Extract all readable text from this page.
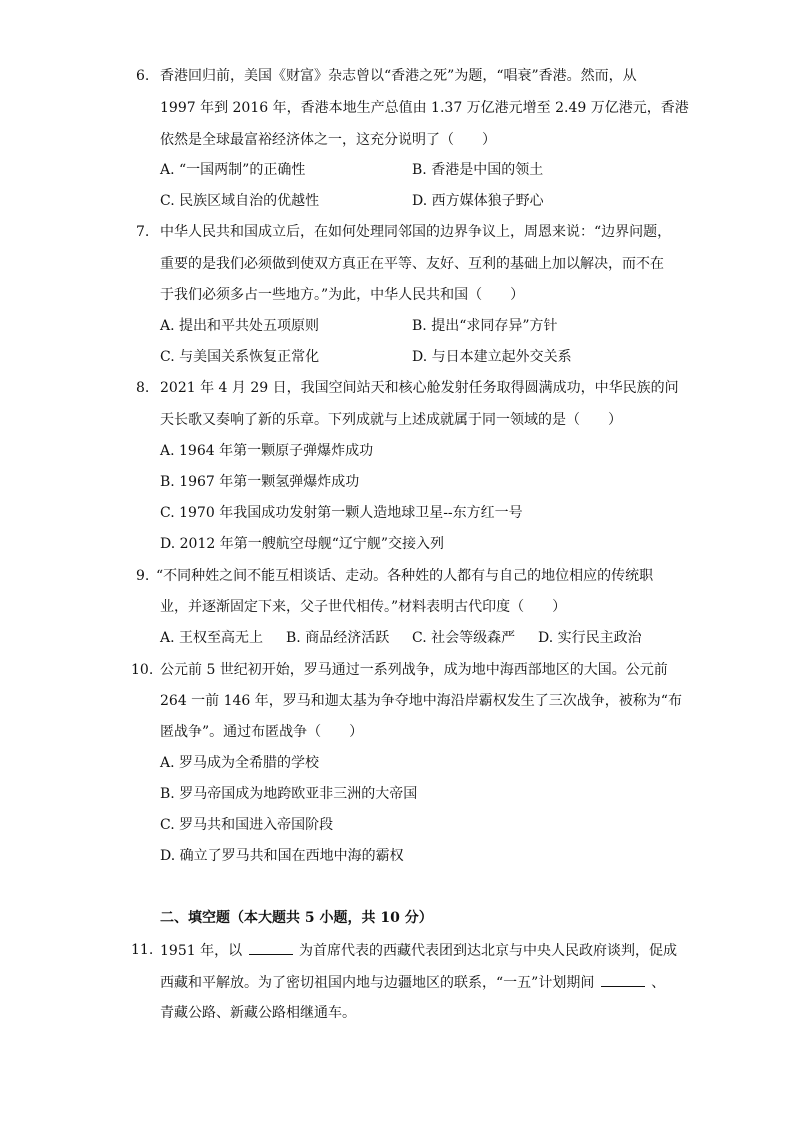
6. 香港回归前，美国《财富》杂志曾以“香港之死”为题，“唱衰”香港。然而，从
1997 年到 2016 年，香港本地生产总值由 1.37 万亿港元增至 2.49 万亿港元，香港
依然是全球最富裕经济体之一，这充分说明了（　　）
A. “一国两制”的正确性	B. 香港是中国的领土
C. 民族区域自治的优越性	D. 西方媒体狼子野心
7. 中华人民共和国成立后，在如何处理同邻国的边界争议上，周恩来说：“边界问题，
重要的是我们必须做到使双方真正在平等、友好、互利的基础上加以解决，而不在
于我们必须多占一些地方。”为此，中华人民共和国（　　）
A. 提出和平共处五项原则	B. 提出“求同存异”方针
C. 与美国关系恢复正常化	D. 与日本建立起外交关系
8. 2021 年 4 月 29 日，我国空间站天和核心舱发射任务取得圆满成功，中华民族的问
天长歌又奏响了新的乐章。下列成就与上述成就属于同一领域的是（　　）
A. 1964 年第一颗原子弹爆炸成功
B. 1967 年第一颗氢弹爆炸成功
C. 1970 年我国成功发射第一颗人造地球卫星--东方红一号
D. 2012 年第一艘航空母舰“辽宁舰”交接入列
9. “不同种姓之间不能互相谈话、走动。各种姓的人都有与自己的地位相应的传统职
业，并逐渐固定下来，父子世代相传。”材料表明古代印度（　　）
A. 王权至高无上 B. 商品经济活跃 C. 社会等级森严 D. 实行民主政治
10. 公元前 5 世纪初开始，罗马通过一系列战争，成为地中海西部地区的大国。公元前
264 一前 146 年，罗马和迦太基为争夺地中海沿岸霸权发生了三次战争，被称为“布
匿战争”。通过布匿战争（　　）
A. 罗马成为全希腊的学校
B. 罗马帝国成为地跨欧亚非三洲的大帝国
C. 罗马共和国进入帝国阶段
D. 确立了罗马共和国在西地中海的霸权
二、填空题（本大题共 5 小题，共 10 分）
11. 1951 年，以	为首席代表的西藏代表团到达北京与中央人民政府谈判，促成
西藏和平解放。为了密切祖国内地与边疆地区的联系，“一五”计划期间	、
青藏公路、新藏公路相继通车。
